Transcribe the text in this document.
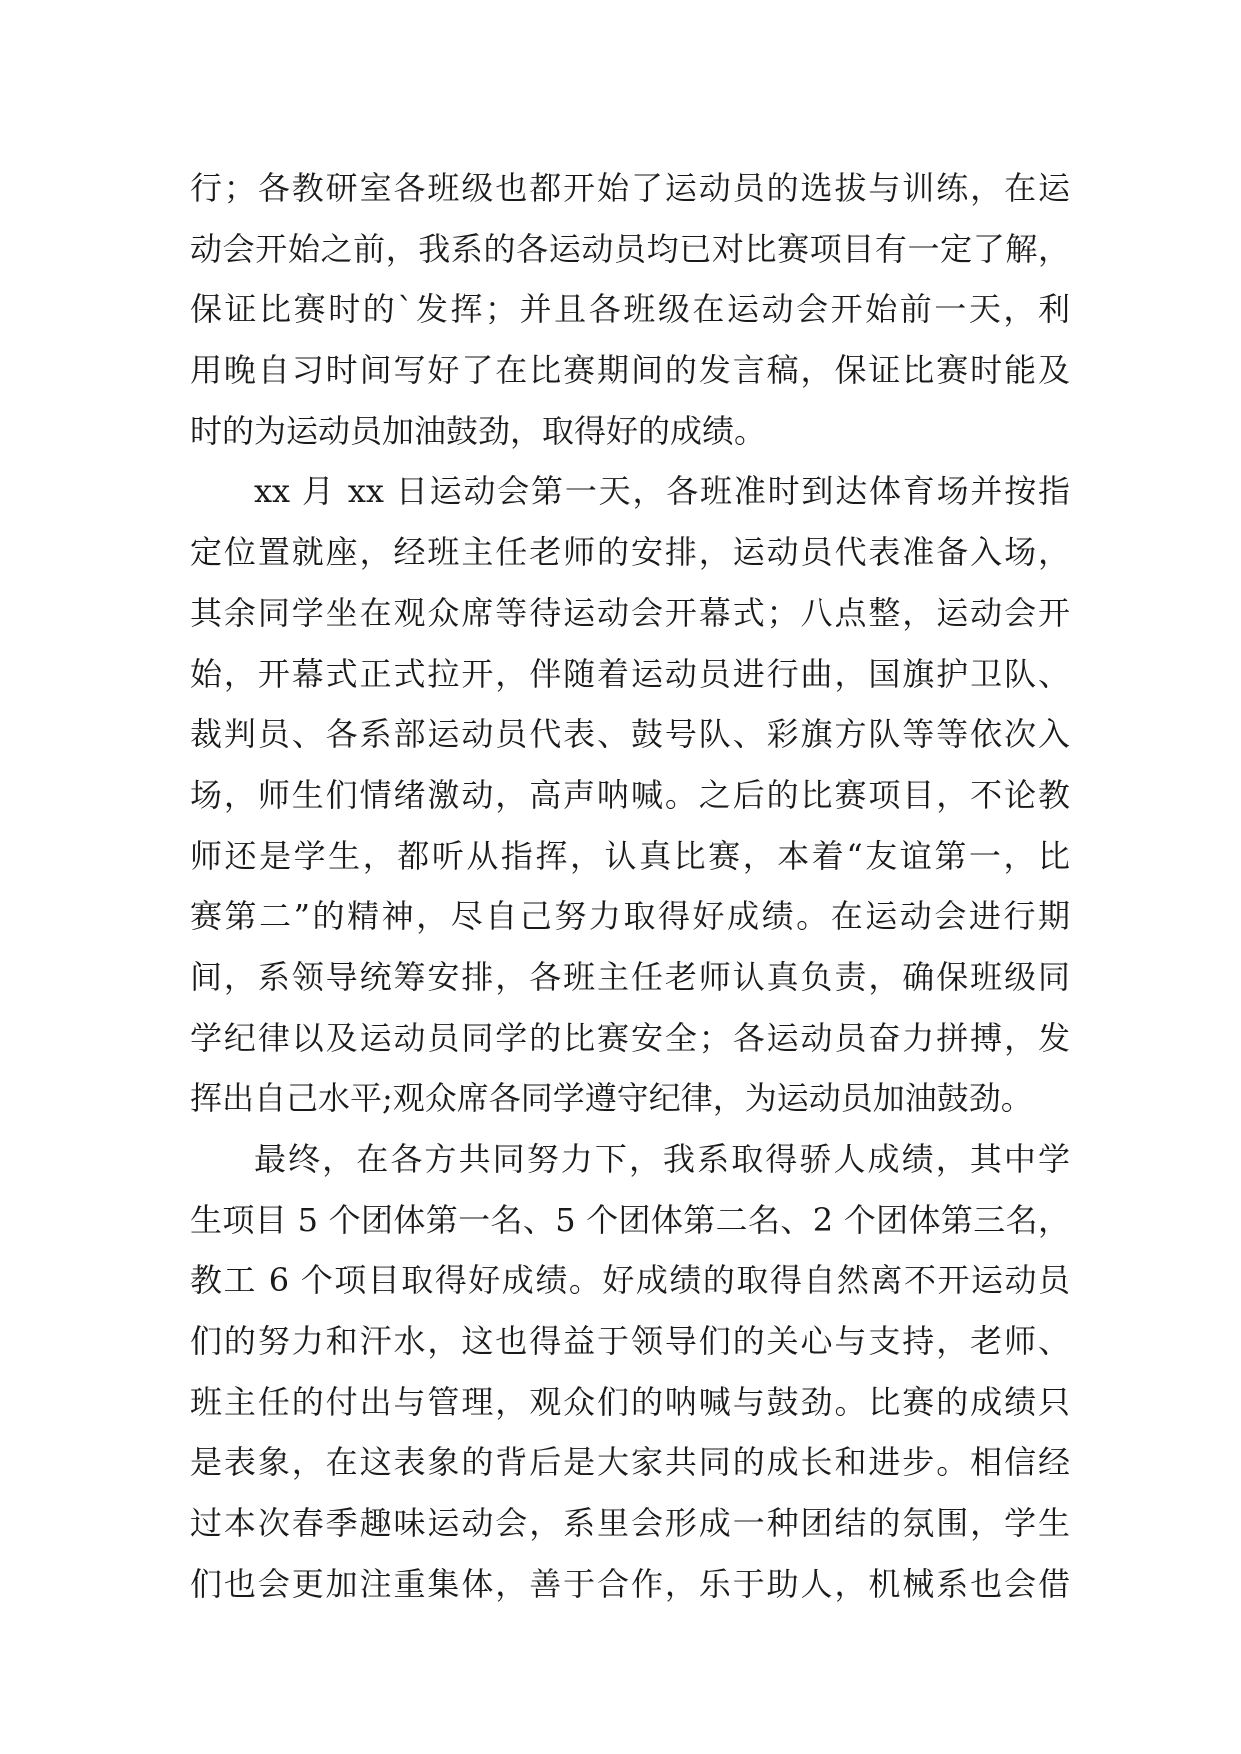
行；各教研室各班级也都开始了运动员的选拔与训练，在运
动会开始之前，我系的各运动员均已对比赛项目有一定了解，
保证比赛时的`发挥；并且各班级在运动会开始前一天，利
用晚自习时间写好了在比赛期间的发言稿，保证比赛时能及
时的为运动员加油鼓劲，取得好的成绩。
xx 月 xx 日运动会第一天，各班准时到达体育场并按指
定位置就座，经班主任老师的安排，运动员代表准备入场，
其余同学坐在观众席等待运动会开幕式；八点整，运动会开
始，开幕式正式拉开，伴随着运动员进行曲，国旗护卫队、
裁判员、各系部运动员代表、鼓号队、彩旗方队等等依次入
场，师生们情绪激动，高声呐喊。之后的比赛项目，不论教
师还是学生，都听从指挥，认真比赛，本着“友谊第一，比
赛第二”的精神，尽自己努力取得好成绩。在运动会进行期
间，系领导统筹安排，各班主任老师认真负责，确保班级同
学纪律以及运动员同学的比赛安全；各运动员奋力拼搏，发
挥出自己水平;观众席各同学遵守纪律，为运动员加油鼓劲。
最终，在各方共同努力下，我系取得骄人成绩，其中学
生项目 5 个团体第一名、5 个团体第二名、2 个团体第三名，
教工 6 个项目取得好成绩。好成绩的取得自然离不开运动员
们的努力和汗水，这也得益于领导们的关心与支持，老师、
班主任的付出与管理，观众们的呐喊与鼓劲。比赛的成绩只
是表象，在这表象的背后是大家共同的成长和进步。相信经
过本次春季趣味运动会，系里会形成一种团结的氛围，学生
们也会更加注重集体，善于合作，乐于助人，机械系也会借
